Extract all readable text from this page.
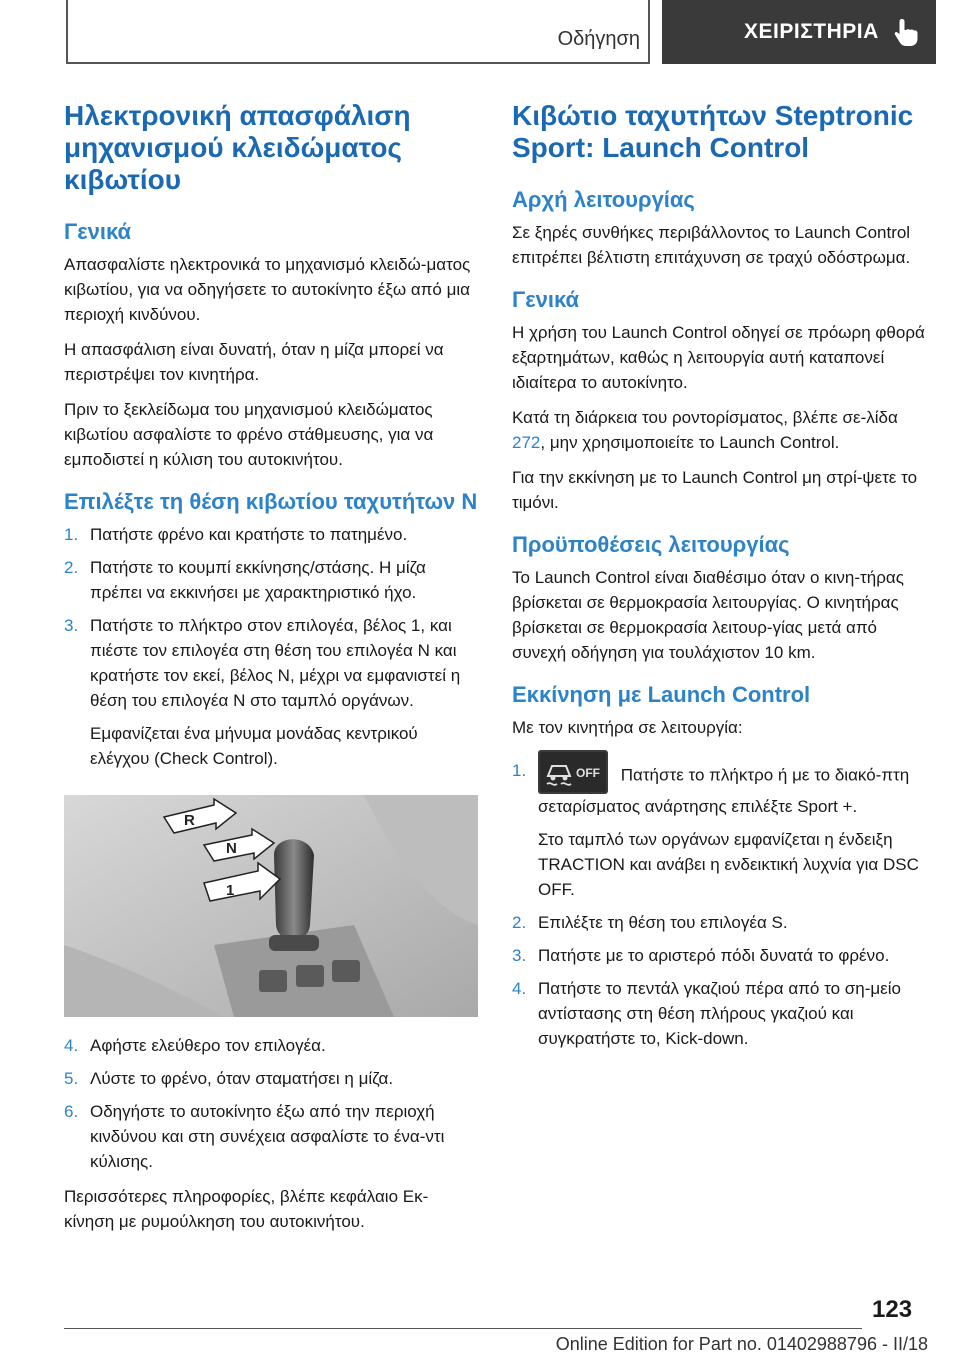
Οδήγηση	ΧΕΙΡΙΣΤΗΡΙΑ
Ηλεκτρονική απασφάλιση μηχανισμού κλειδώματος κιβωτίου
Γενικά

Απασφαλίστε ηλεκτρονικά το μηχανισμό κλειδώ-ματος κιβωτίου, για να οδηγήσετε το αυτοκίνητο έξω από μια περιοχή κινδύνου.

Η απασφάλιση είναι δυνατή, όταν η μίζα μπορεί να περιστρέψει τον κινητήρα.

Πριν το ξεκλείδωμα του μηχανισμού κλειδώματος κιβωτίου ασφαλίστε το φρένο στάθμευσης, για να εμποδιστεί η κύλιση του αυτοκινήτου.

Επιλέξτε τη θέση κιβωτίου ταχυτήτων N
1. Πατήστε φρένο και κρατήστε το πατημένο.
2. Πατήστε το κουμπί εκκίνησης/στάσης. Η μίζα πρέπει να εκκινήσει με χαρακτηριστικό ήχο.
3. Πατήστε το πλήκτρο στον επιλογέα, βέλος 1, και πιέστε τον επιλογέα στη θέση του επιλογέα N και κρατήστε τον εκεί, βέλος N, μέχρι να εμφανιστεί η θέση του επιλογέα N στο ταμπλό οργάνων.
Εμφανίζεται ένα μήνυμα μονάδας κεντρικού ελέγχου (Check Control).
R
N
1
4. Αφήστε ελεύθερο τον επιλογέα.
5. Λύστε το φρένο, όταν σταματήσει η μίζα.
6. Οδηγήστε το αυτοκίνητο έξω από την περιοχή κινδύνου και στη συνέχεια ασφαλίστε το ένα-ντι κύλισης.

Περισσότερες πληροφορίες, βλέπε κεφάλαιο Εκ-κίνηση με ρυμούλκηση του αυτοκινήτου.

Κιβώτιο ταχυτήτων Steptronic Sport: Launch Control
Αρχή λειτουργίας

Σε ξηρές συνθήκες περιβάλλοντος το Launch Control επιτρέπει βέλτιστη επιτάχυνση σε τραχύ οδόστρωμα.

Γενικά

Η χρήση του Launch Control οδηγεί σε πρόωρη φθορά εξαρτημάτων, καθώς η λειτουργία αυτή καταπονεί ιδιαίτερα το αυτοκίνητο.

Κατά τη διάρκεια του ροντορίσματος, βλέπε σε-λίδα 272, μην χρησιμοποιείτε το Launch Control.

Για την εκκίνηση με το Launch Control μη στρί-ψετε το τιμόνι.

Προϋποθέσεις λειτουργίας

Το Launch Control είναι διαθέσιμο όταν ο κινη-τήρας βρίσκεται σε θερμοκρασία λειτουργίας. Ο κινητήρας βρίσκεται σε θερμοκρασία λειτουρ-γίας μετά από συνεχή οδήγηση για τουλάχιστον 10 km.

Εκκίνηση με Launch Control

Με τον κινητήρα σε λειτουργία:

1.	OFF Πατήστε το πλήκτρο ή με το διακό-πτη σεταρίσματος ανάρτησης επιλέξτε Sport +.
Στο ταμπλό των οργάνων εμφανίζεται η ένδειξη TRACTION και ανάβει η ενδεικτική λυχνία για DSC OFF.
2. Επιλέξτε τη θέση του επιλογέα S.
3. Πατήστε με το αριστερό πόδι δυνατά το φρένο.
4. Πατήστε το πεντάλ γκαζιού πέρα από το ση-μείο αντίστασης στη θέση πλήρους γκαζιού και συγκρατήστε το, Kick-down.
123
Online Edition for Part no. 01402988796 - II/18
